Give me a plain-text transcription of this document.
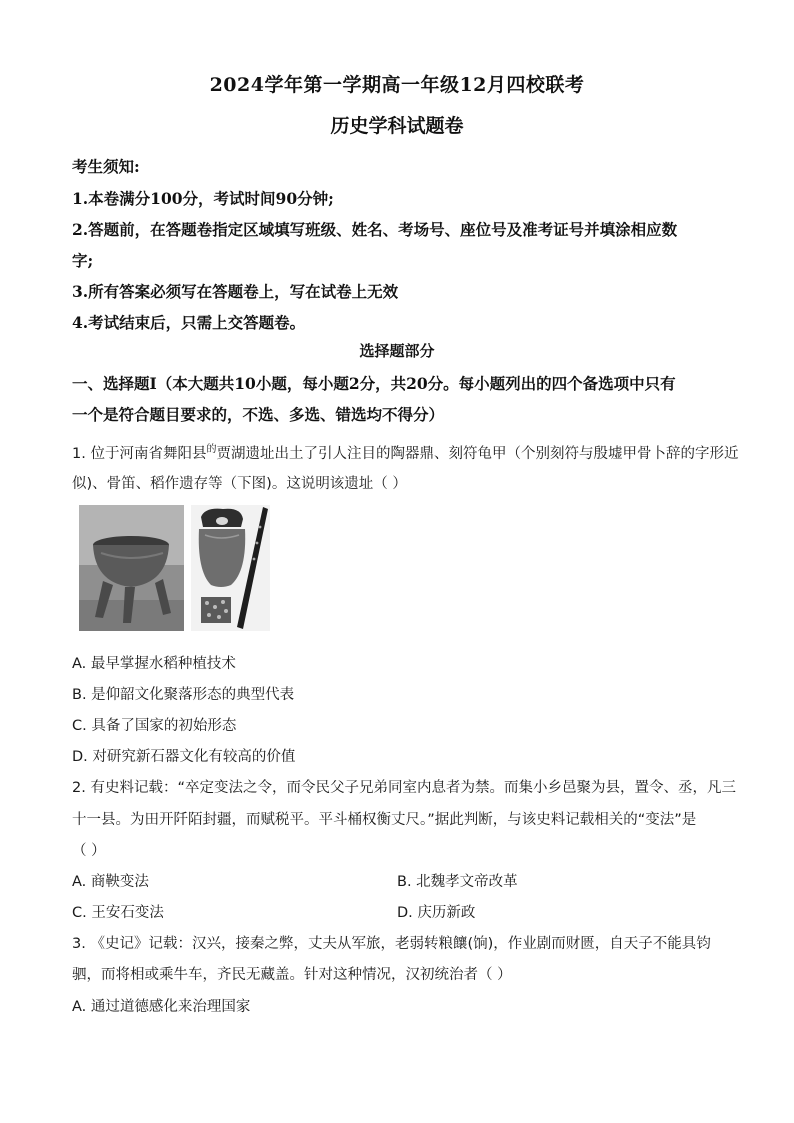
2024学年第一学期高一年级12月四校联考
历史学科试题卷
考生须知:
1.本卷满分100分，考试时间90分钟;
2.答题前，在答题卷指定区域填写班级、姓名、考场号、座位号及准考证号并填涂相应数
字;
3.所有答案必须写在答题卷上，写在试卷上无效
4.考试结束后，只需上交答题卷。
选择题部分
一、选择题Ⅰ（本大题共10小题，每小题2分，共20分。每小题列出的四个备选项中只有
一个是符合题目要求的，不选、多选、错选均不得分）
1. 位于河南省舞阳县$^的$贾湖遗址出土了引人注目的陶器鼎、刻符龟甲（个别刻符与殷墟甲骨卜辞的字形近
似)、骨笛、稻作遗存等（下图)。这说明该遗址（ ）
A. 最早掌握水稻种植技术
B. 是仰韶文化聚落形态的典型代表
C. 具备了国家的初始形态
D. 对研究新石器文化有较高的价值
2. 有史料记载：“卒定变法之令，而令民父子兄弟同室内息者为禁。而集小乡邑聚为县，置令、丞，凡三
十一县。为田开阡陌封疆，而赋税平。平斗桶权衡丈尺。”据此判断，与该史料记载相关的“变法”是
（ ）
A. 商鞅变法	B. 北魏孝文帝改革
C. 王安石变法	D. 庆历新政
3. 《史记》记载：汉兴，接秦之弊，丈夫从军旅，老弱转粮饟(饷)，作业剧而财匮，自天子不能具钧
驷，而将相或乘牛车，齐民无藏盖。针对这种情况，汉初统治者（ ）
A. 通过道德感化来治理国家
